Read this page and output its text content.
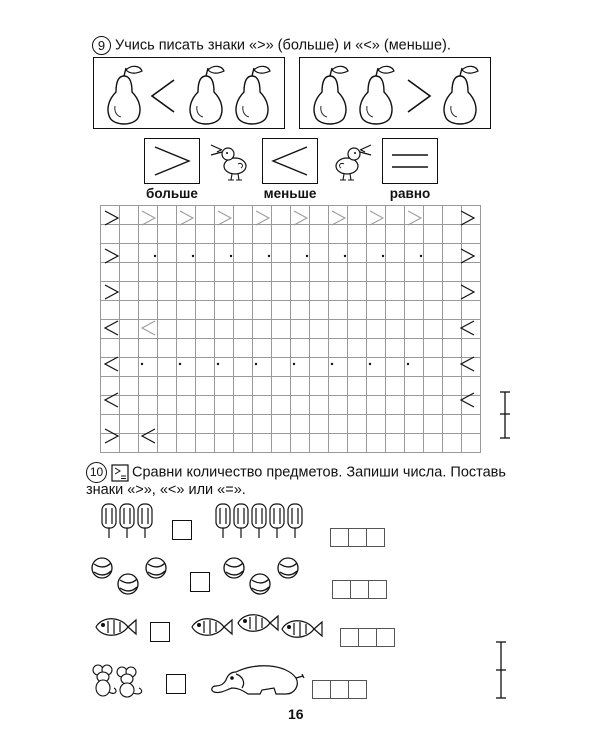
9 Учись писать знаки «>» (больше) и «<» (меньше).
больше	меньше	равно
10 Сравни количество предметов. Запиши числа. Поставь
знаки «>», «<» или «=».
16
